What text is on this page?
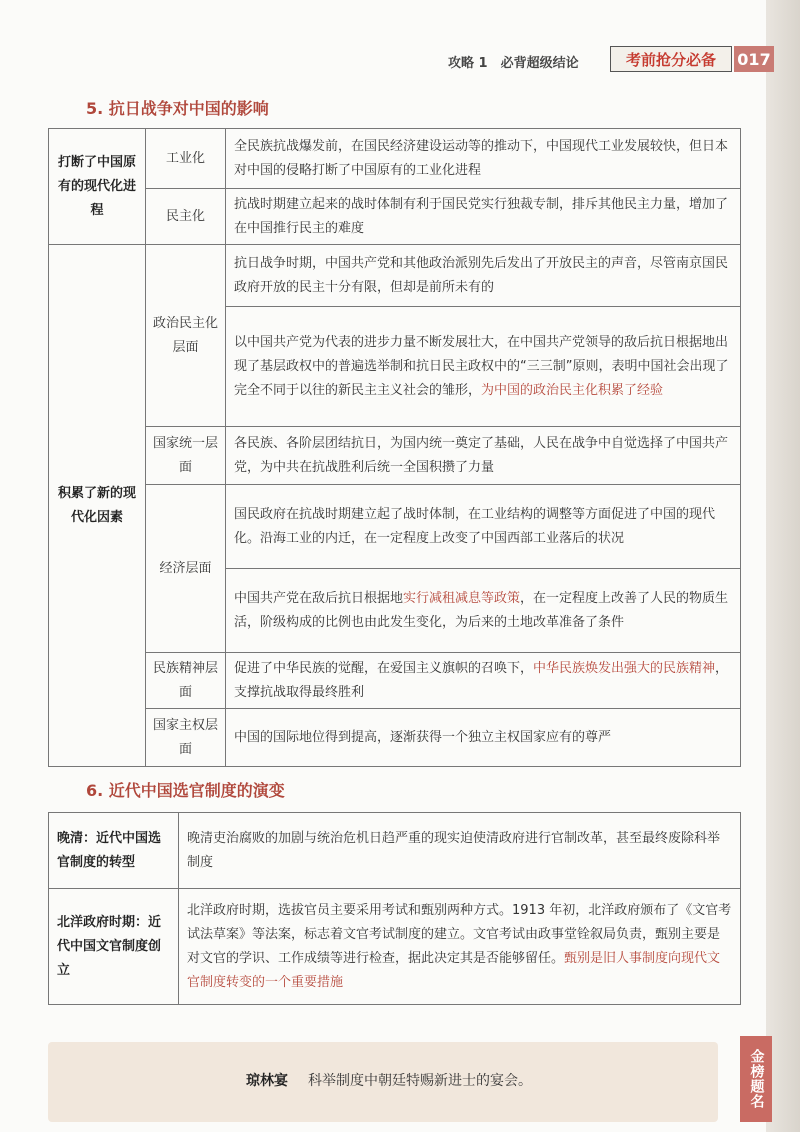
攻略 1　必背超级结论	考前抢分必备	017
5. 抗日战争对中国的影响
打断了中国原有的现代化进程	工业化	全民族抗战爆发前，在国民经济建设运动等的推动下，中国现代工业发展较快，但日本对中国的侵略打断了中国原有的工业化进程
	民主化	抗战时期建立起来的战时体制有利于国民党实行独裁专制，排斥其他民主力量，增加了在中国推行民主的难度
积累了新的现代化因素	政治民主化层面	抗日战争时期，中国共产党和其他政治派别先后发出了开放民主的声音，尽管南京国民政府开放的民主十分有限，但却是前所未有的
		以中国共产党为代表的进步力量不断发展壮大，在中国共产党领导的敌后抗日根据地出现了基层政权中的普遍选举制和抗日民主政权中的“三三制”原则，表明中国社会出现了完全不同于以往的新民主主义社会的雏形，为中国的政治民主化积累了经验
	国家统一层面	各民族、各阶层团结抗日，为国内统一奠定了基础，人民在战争中自觉选择了中国共产党，为中共在抗战胜利后统一全国积攒了力量
	经济层面	国民政府在抗战时期建立起了战时体制，在工业结构的调整等方面促进了中国的现代化。沿海工业的内迁，在一定程度上改变了中国西部工业落后的状况
		中国共产党在敌后抗日根据地实行减租减息等政策，在一定程度上改善了人民的物质生活，阶级构成的比例也由此发生变化，为后来的土地改革准备了条件
	民族精神层面	促进了中华民族的觉醒，在爱国主义旗帜的召唤下，中华民族焕发出强大的民族精神，支撑抗战取得最终胜利
	国家主权层面	中国的国际地位得到提高，逐渐获得一个独立主权国家应有的尊严
6. 近代中国选官制度的演变
晚清：近代中国选官制度的转型	晚清吏治腐败的加剧与统治危机日趋严重的现实迫使清政府进行官制改革，甚至最终废除科举制度
北洋政府时期：近代中国文官制度创立	北洋政府时期，选拔官员主要采用考试和甄别两种方式。1913 年初，北洋政府颁布了《文官考试法草案》等法案，标志着文官考试制度的建立。文官考试由政事堂铨叙局负责，甄别主要是对文官的学识、工作成绩等进行检查，据此决定其是否能够留任。甄别是旧人事制度向现代文官制度转变的一个重要措施
琼林宴 科举制度中朝廷特赐新进士的宴会。	金榜题名
